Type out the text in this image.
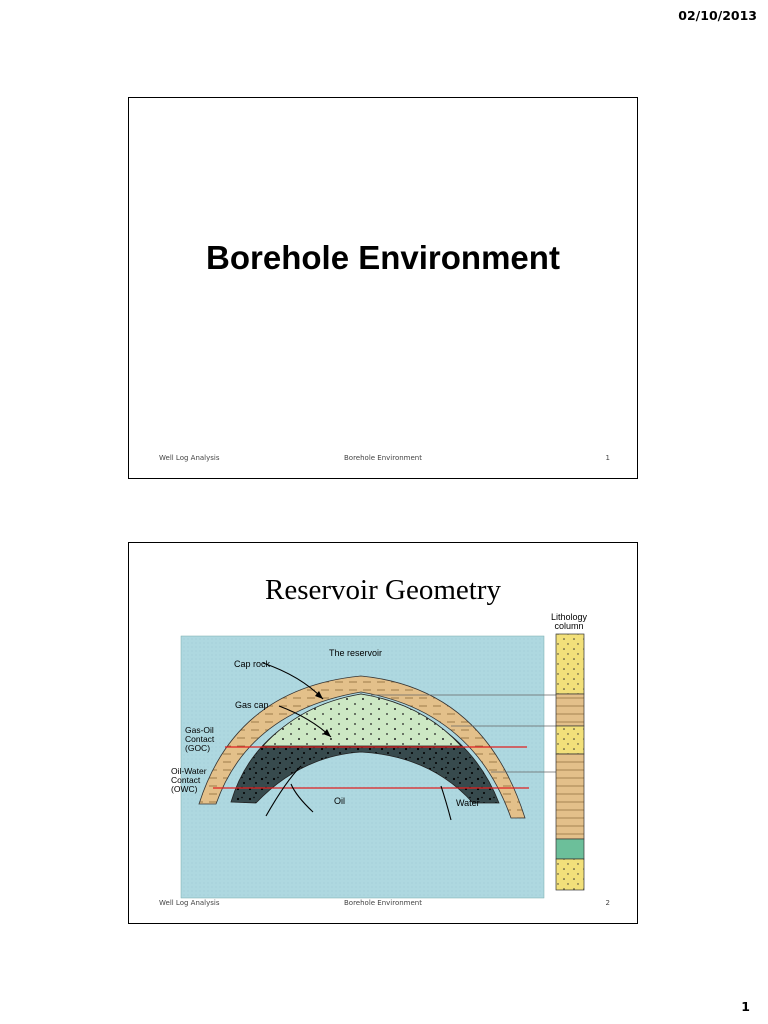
02/10/2013
Borehole Environment
Well Log Analysis	Borehole Environment	1
Reservoir Geometry
The reservoir
Cap rock
Gas cap
Gas-Oil
Contact
(GOC)
Oil-Water
Contact
(OWC)
Oil	Water
Lithology
column
Well Log Analysis	Borehole Environment	2
1
